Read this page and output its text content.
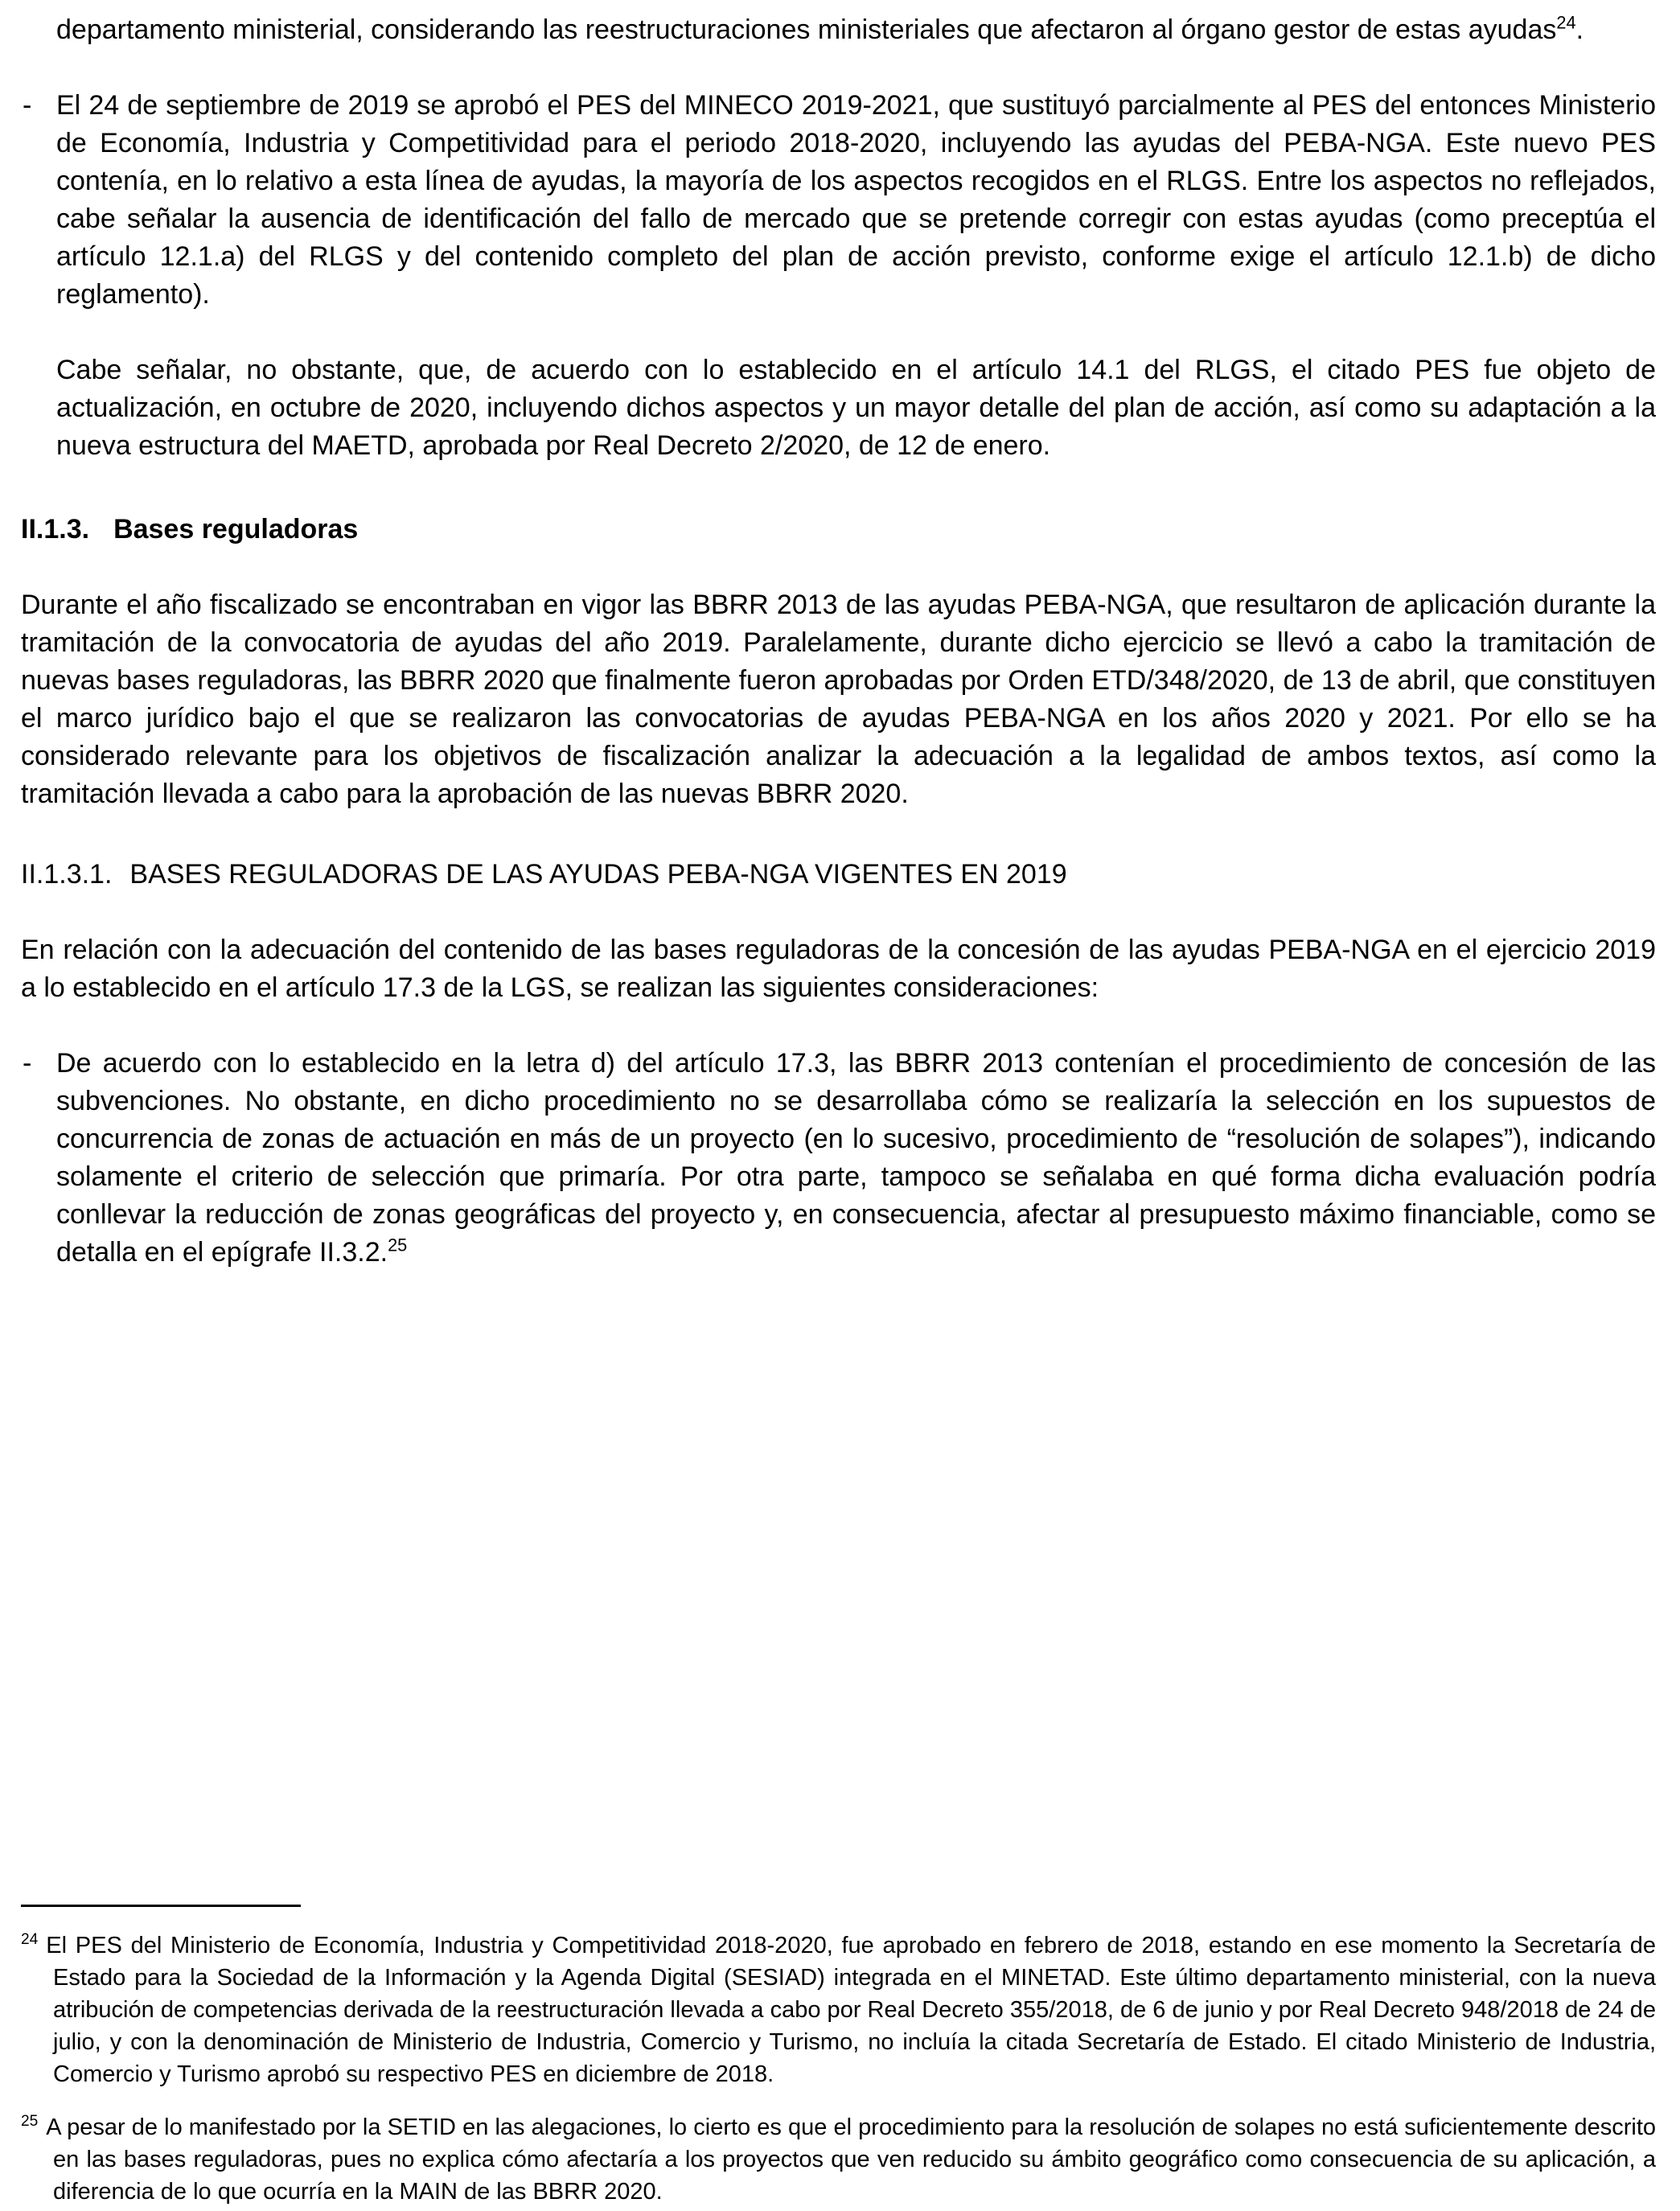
departamento ministerial, considerando las reestructuraciones ministeriales que afectaron al órgano gestor de estas ayudas$^{24}$.

- El 24 de septiembre de 2019 se aprobó el PES del MINECO 2019-2021, que sustituyó parcialmente al PES del entonces Ministerio de Economía, Industria y Competitividad para el periodo 2018-2020, incluyendo las ayudas del PEBA-NGA. Este nuevo PES contenía, en lo relativo a esta línea de ayudas, la mayoría de los aspectos recogidos en el RLGS. Entre los aspectos no reflejados, cabe señalar la ausencia de identificación del fallo de mercado que se pretende corregir con estas ayudas (como preceptúa el artículo 12.1.a) del RLGS y del contenido completo del plan de acción previsto, conforme exige el artículo 12.1.b) de dicho reglamento).

Cabe señalar, no obstante, que, de acuerdo con lo establecido en el artículo 14.1 del RLGS, el citado PES fue objeto de actualización, en octubre de 2020, incluyendo dichos aspectos y un mayor detalle del plan de acción, así como su adaptación a la nueva estructura del MAETD, aprobada por Real Decreto 2/2020, de 12 de enero.

II.1.3. Bases reguladoras

Durante el año fiscalizado se encontraban en vigor las BBRR 2013 de las ayudas PEBA-NGA, que resultaron de aplicación durante la tramitación de la convocatoria de ayudas del año 2019. Paralelamente, durante dicho ejercicio se llevó a cabo la tramitación de nuevas bases reguladoras, las BBRR 2020 que finalmente fueron aprobadas por Orden ETD/348/2020, de 13 de abril, que constituyen el marco jurídico bajo el que se realizaron las convocatorias de ayudas PEBA-NGA en los años 2020 y 2021. Por ello se ha considerado relevante para los objetivos de fiscalización analizar la adecuación a la legalidad de ambos textos, así como la tramitación llevada a cabo para la aprobación de las nuevas BBRR 2020.

II.1.3.1. BASES REGULADORAS DE LAS AYUDAS PEBA-NGA VIGENTES EN 2019

En relación con la adecuación del contenido de las bases reguladoras de la concesión de las ayudas PEBA-NGA en el ejercicio 2019 a lo establecido en el artículo 17.3 de la LGS, se realizan las siguientes consideraciones:

- De acuerdo con lo establecido en la letra d) del artículo 17.3, las BBRR 2013 contenían el procedimiento de concesión de las subvenciones. No obstante, en dicho procedimiento no se desarrollaba cómo se realizaría la selección en los supuestos de concurrencia de zonas de actuación en más de un proyecto (en lo sucesivo, procedimiento de “resolución de solapes”), indicando solamente el criterio de selección que primaría. Por otra parte, tampoco se señalaba en qué forma dicha evaluación podría conllevar la reducción de zonas geográficas del proyecto y, en consecuencia, afectar al presupuesto máximo financiable, como se detalla en el epígrafe II.3.2.25

$^{24}$ El PES del Ministerio de Economía, Industria y Competitividad 2018-2020, fue aprobado en febrero de 2018, estando en ese momento la Secretaría de Estado para la Sociedad de la Información y la Agenda Digital (SESIAD) integrada en el MINETAD. Este último departamento ministerial, con la nueva atribución de competencias derivada de la reestructuración llevada a cabo por Real Decreto 355/2018, de 6 de junio y por Real Decreto 948/2018 de 24 de julio, y con la denominación de Ministerio de Industria, Comercio y Turismo, no incluía la citada Secretaría de Estado. El citado Ministerio de Industria, Comercio y Turismo aprobó su respectivo PES en diciembre de 2018.

$^{25}$ A pesar de lo manifestado por la SETID en las alegaciones, lo cierto es que el procedimiento para la resolución de solapes no está suficientemente descrito en las bases reguladoras, pues no explica cómo afectaría a los proyectos que ven reducido su ámbito geográfico como consecuencia de su aplicación, a diferencia de lo que ocurría en la MAIN de las BBRR 2020.
